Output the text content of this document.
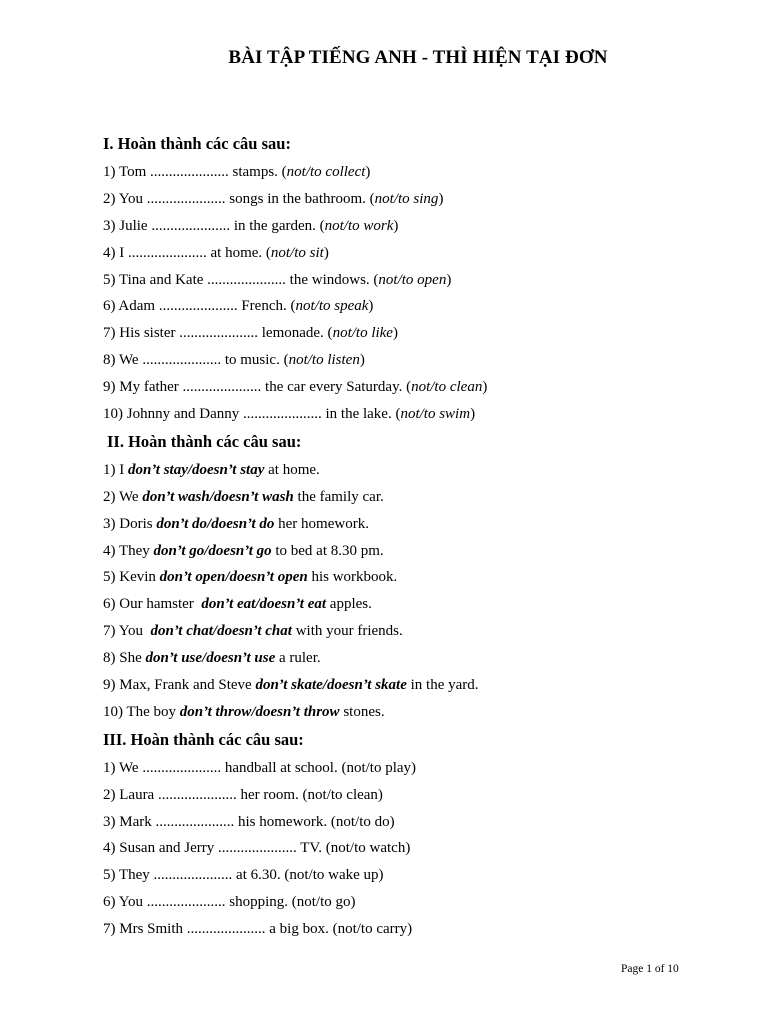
BÀI TẬP TIẾNG ANH - THÌ HIỆN TẠI ĐƠN
I. Hoàn thành các câu sau:
1) Tom ..................... stamps. (not/to collect)
2) You ..................... songs in the bathroom. (not/to sing)
3) Julie ..................... in the garden. (not/to work)
4) I ..................... at home. (not/to sit)
5) Tina and Kate ..................... the windows. (not/to open)
6) Adam ..................... French. (not/to speak)
7) His sister ..................... lemonade. (not/to like)
8) We ..................... to music. (not/to listen)
9) My father ..................... the car every Saturday. (not/to clean)
10) Johnny and Danny ..................... in the lake. (not/to swim)
II. Hoàn thành các câu sau:
1) I don’t stay/doesn’t stay at home.
2) We don’t wash/doesn’t wash the family car.
3) Doris don’t do/doesn’t do her homework.
4) They don’t go/doesn’t go to bed at 8.30 pm.
5) Kevin don’t open/doesn’t open his workbook.
6) Our hamster  don’t eat/doesn’t eat apples.
7) You  don’t chat/doesn’t chat with your friends.
8) She don’t use/doesn’t use a ruler.
9) Max, Frank and Steve don’t skate/doesn’t skate in the yard.
10) The boy don’t throw/doesn’t throw stones.
III. Hoàn thành các câu sau:
1) We ..................... handball at school. (not/to play)
2) Laura ..................... her room. (not/to clean)
3) Mark ..................... his homework. (not/to do)
4) Susan and Jerry ..................... TV. (not/to watch)
5) They ..................... at 6.30. (not/to wake up)
6) You ..................... shopping. (not/to go)
7) Mrs Smith ..................... a big box. (not/to carry)
Page 1 of 10
